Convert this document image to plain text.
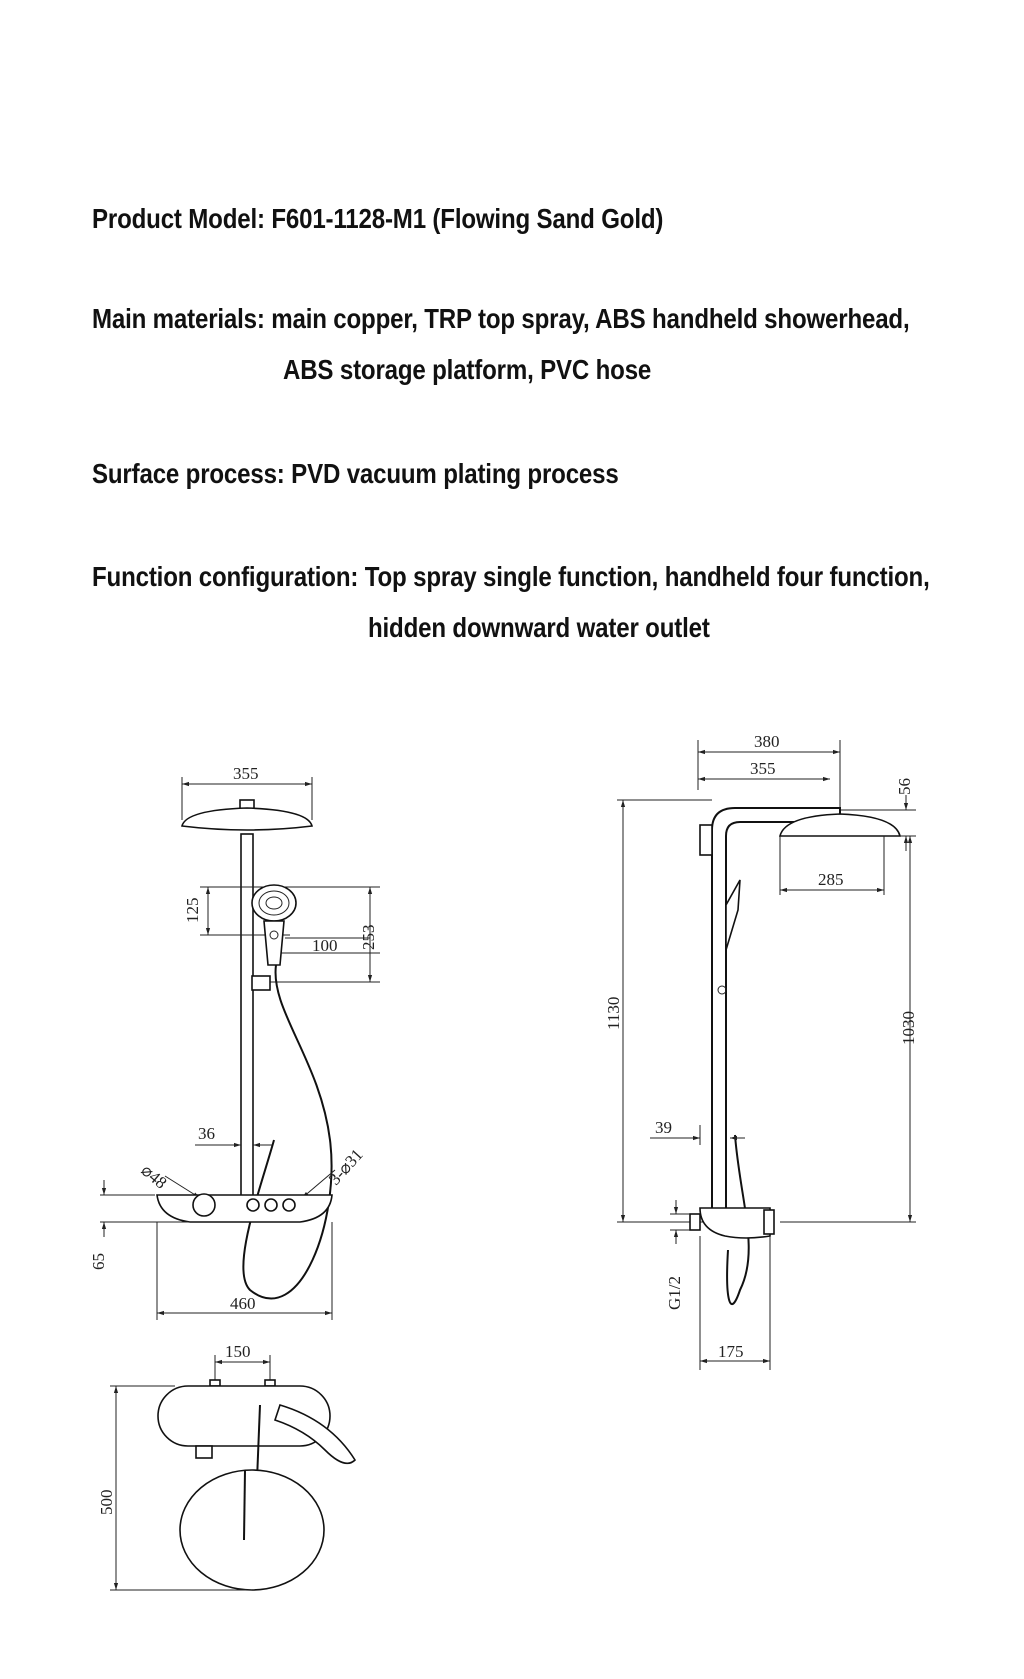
Product Model: F601-1128-M1 (Flowing Sand Gold)
Main materials: main copper, TRP top spray, ABS handheld showerhead,
ABS storage platform, PVC hose
Surface process: PVD vacuum plating process
Function configuration: Top spray single function, handheld four function,
hidden downward water outlet
355
125
100 253
36
⌀48	3-⌀31
65
460
150
500
380
355
56
285
1130	1030
39
G1/2
175
